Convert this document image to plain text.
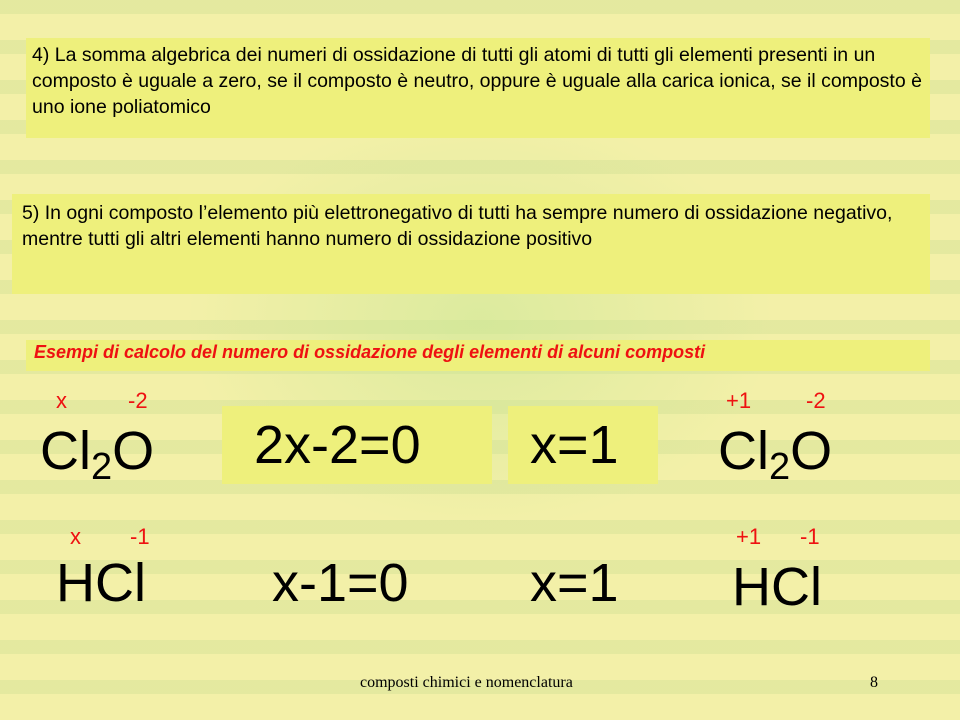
4) La somma algebrica dei numeri di ossidazione di tutti gli atomi di tutti gli elementi presenti in un composto è uguale a zero, se il composto è neutro, oppure è uguale alla carica ionica, se il composto è uno ione poliatomico
5) In ogni composto l’elemento più elettronegativo di tutti ha sempre numero di ossidazione negativo, mentre tutti gli altri elementi hanno numero di ossidazione positivo
Esempi di calcolo del numero di ossidazione degli elementi di alcuni composti
x	-2
$Cl_2O$ 2x-2=0 x=1
+1 -2
$Cl_2O$
x -1
HCl x-1=0 x=1
+1 -1
HCl
composti chimici e nomenclatura	8
